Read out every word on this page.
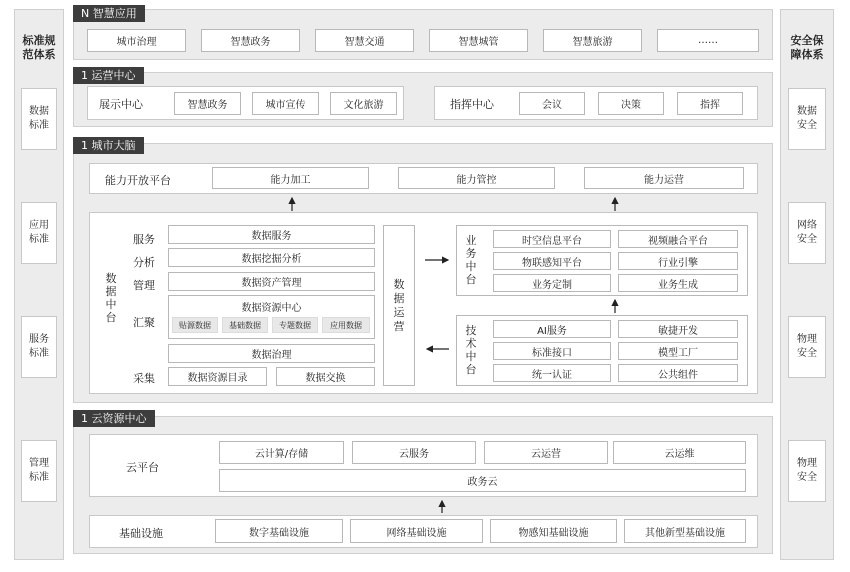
标准规
范体系
数据
标准
应用
标准
服务
标准
管理
标准
安全保
障体系
数据
安全
网络
安全
物理
安全
物理
安全
N 智慧应用
城市治理	智慧政务	智慧交通	智慧城管	智慧旅游	……
1 运营中心
展示中心	智慧政务	城市宣传	文化旅游	指挥中心	会议	决策	指挥
1 城市大脑
能力开放平台	能力加工	能力管控	能力运营
数
据
中
台
服务
分析
管理
汇聚
采集
数据服务
数据挖掘分析
数据资产管理
数据资源中心
贴源数据	基础数据	专题数据	应用数据
数据治理
数据资源目录	数据交换
数
据
运
营
业
务
中
台
时空信息平台	视频融合平台
物联感知平台	行业引擎
业务定制	业务生成
技
术
中
台
AI服务	敏捷开发
标准接口	模型工厂
统一认证	公共组件
1 云资源中心
云平台
云计算/存储	云服务	云运营	云运维
政务云
基础设施	数字基础设施	网络基础设施	物感知基础设施	其他新型基础设施
